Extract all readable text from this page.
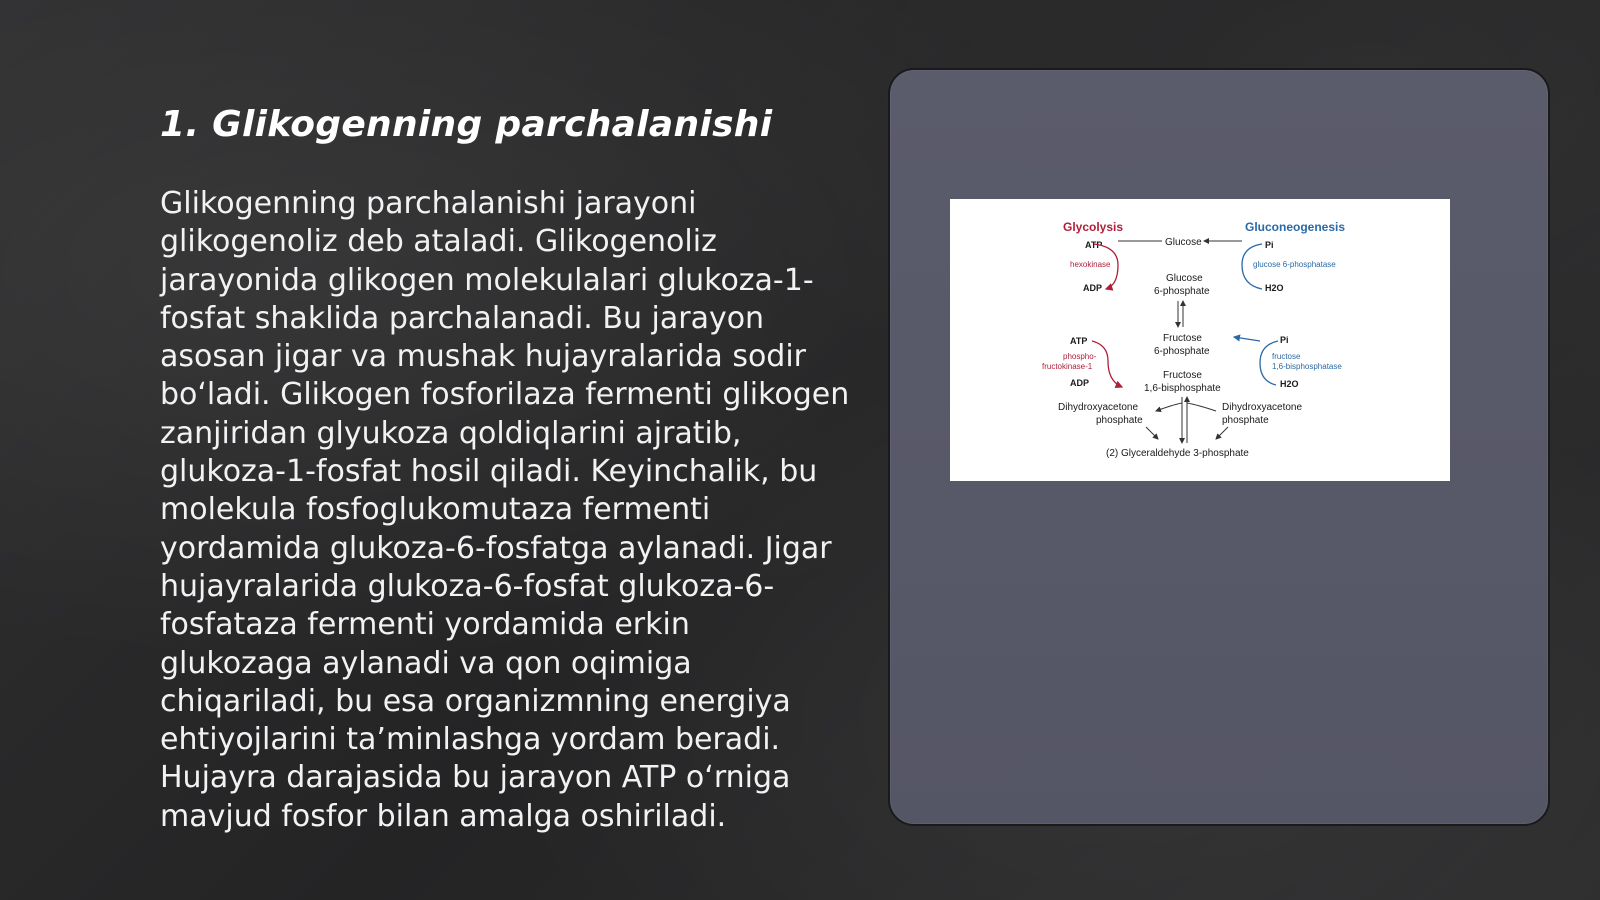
1. Glikogenning parchalanishi
Glikogenning parchalanishi jarayoni glikogenoliz deb ataladi. Glikogenoliz jarayonida glikogen molekulalari glukoza-1-fosfat shaklida parchalanadi. Bu jarayon asosan jigar va mushak hujayralarida sodir bo‘ladi. Glikogen fosforilaza fermenti glikogen zanjiridan glyukoza qoldiqlarini ajratib, glukoza-1-fosfat hosil qiladi. Keyinchalik, bu molekula fosfoglukomutaza fermenti yordamida glukoza-6-fosfatga aylanadi. Jigar hujayralarida glukoza-6-fosfat glukoza-6-fosfataza fermenti yordamida erkin glukozaga aylanadi va qon oqimiga chiqariladi, bu esa organizmning energiya ehtiyojlarini ta’minlashga yordam beradi. Hujayra darajasida bu jarayon ATP o‘rniga mavjud fosfor bilan amalga oshiriladi.
Glycolysis	Gluconeogenesis
Glucose
ATP
hexokinase
ADP
Glucose
6-phosphate
Pi
glucose 6-phosphatase
H2O
Fructose
6-phosphate
ATP
phospho-
fructokinase-1
ADP
Pi
fructose
1,6-bisphosphatase
H2O
Fructose
1,6-bisphosphate
Dihydroxyacetone
phosphate
Dihydroxyacetone
phosphate
(2) Glyceraldehyde 3-phosphate
